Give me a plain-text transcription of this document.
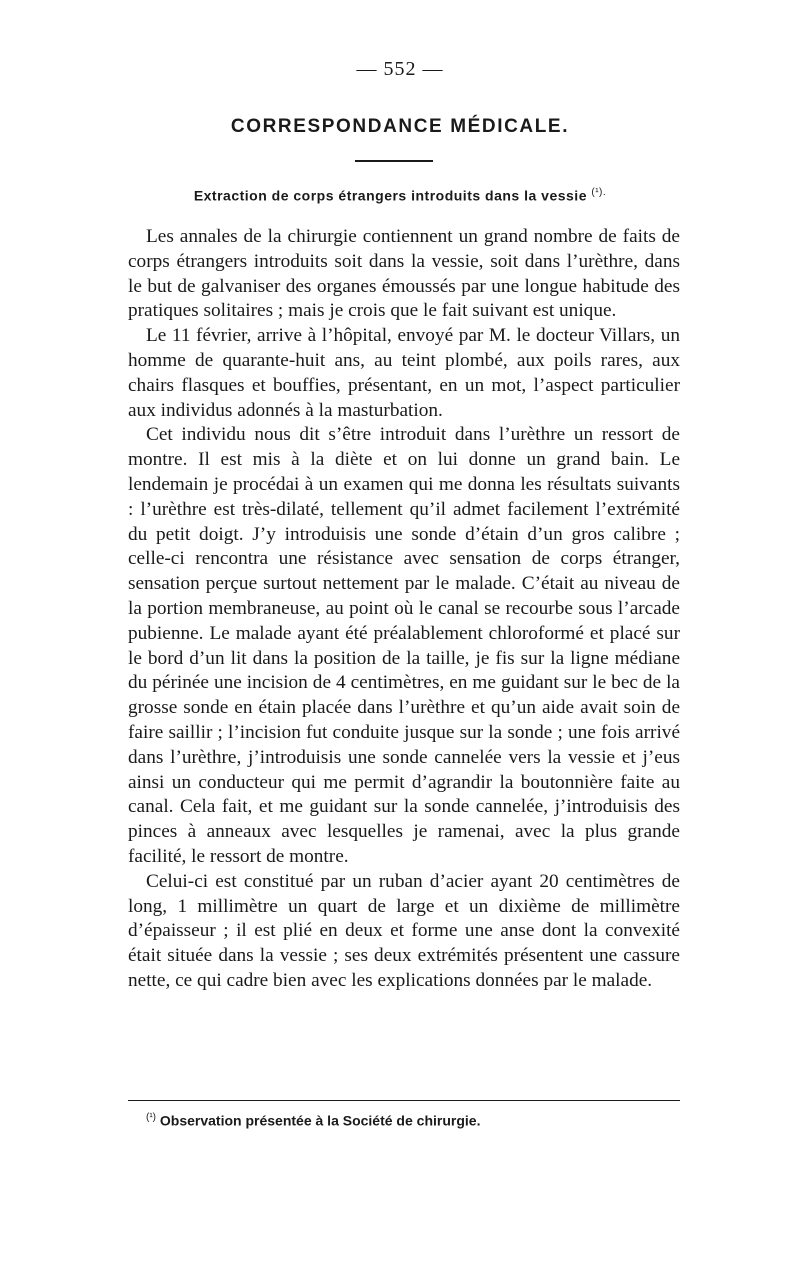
— 552 —
CORRESPONDANCE MÉDICALE.
Extraction de corps étrangers introduits dans la vessie $^{(^1).}$

Les annales de la chirurgie contiennent un grand nombre de faits de corps étrangers introduits soit dans la vessie, soit dans l’urèthre, dans le but de galvaniser des organes émoussés par une longue habitude des pratiques solitaires ; mais je crois que le fait suivant est unique.

Le 11 février, arrive à l’hôpital, envoyé par M. le docteur Villars, un homme de quarante-huit ans, au teint plombé, aux poils rares, aux chairs flasques et bouffies, présentant, en un mot, l’aspect particulier aux individus adonnés à la masturbation.

Cet individu nous dit s’être introduit dans l’urèthre un ressort de montre. Il est mis à la diète et on lui donne un grand bain. Le lendemain je procédai à un examen qui me donna les résultats suivants : l’urèthre est très-dilaté, tellement qu’il admet facilement l’extrémité du petit doigt. J’y introduisis une sonde d’étain d’un gros calibre ; celle-ci rencontra une résistance avec sensation de corps étranger, sensation perçue surtout nettement par le malade. C’était au niveau de la portion membraneuse, au point où le canal se recourbe sous l’arcade pubienne. Le malade ayant été préalablement chloroformé et placé sur le bord d’un lit dans la position de la taille, je fis sur la ligne médiane du périnée une incision de 4 centimètres, en me guidant sur le bec de la grosse sonde en étain placée dans l’urèthre et qu’un aide avait soin de faire saillir ; l’incision fut conduite jusque sur la sonde ; une fois arrivé dans l’urèthre, j’introduisis une sonde cannelée vers la vessie et j’eus ainsi un conducteur qui me permit d’agrandir la boutonnière faite au canal. Cela fait, et me guidant sur la sonde cannelée, j’introduisis des pinces à anneaux avec lesquelles je ramenai, avec la plus grande facilité, le ressort de montre.

Celui-ci est constitué par un ruban d’acier ayant 20 centimètres de long, 1 millimètre un quart de large et un dixième de millimètre d’épaisseur ; il est plié en deux et forme une anse dont la convexité était située dans la vessie ; ses deux extrémités présentent une cassure nette, ce qui cadre bien avec les explications données par le malade.

$^{(^1)}$ Observation présentée à la Société de chirurgie.
